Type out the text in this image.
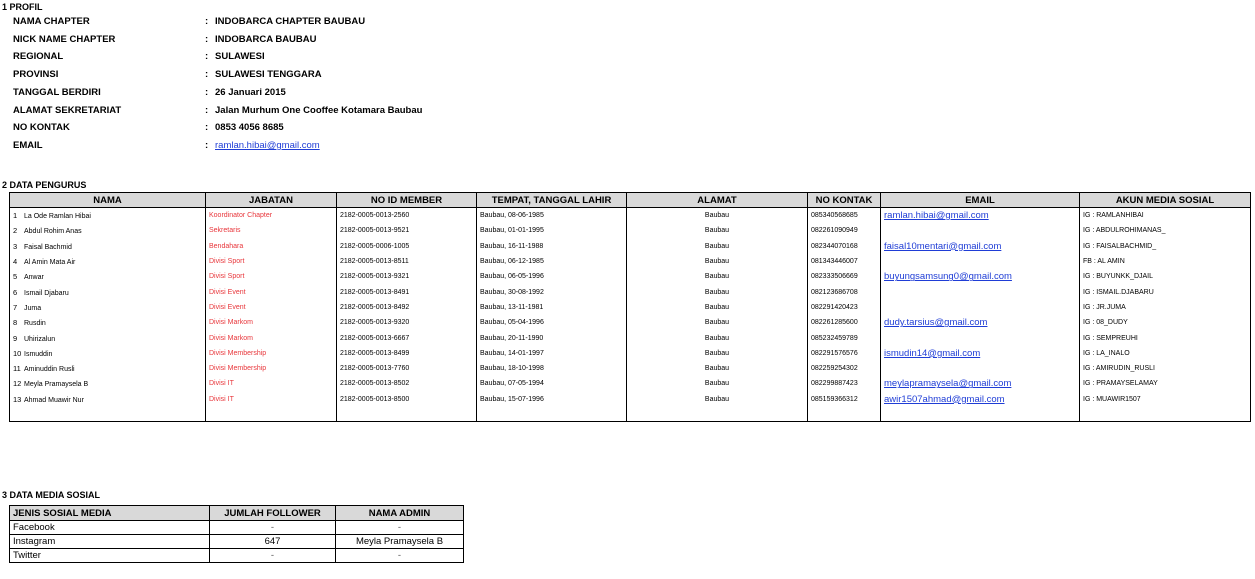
1 PROFIL
NAMA CHAPTER	: INDOBARCA CHAPTER BAUBAU
NICK NAME CHAPTER	: INDOBARCA BAUBAU
REGIONAL	: SULAWESI
PROVINSI	: SULAWESI TENGGARA
TANGGAL BERDIRI	: 26 Januari 2015
ALAMAT SEKRETARIAT	: Jalan Murhum One Cooffee Kotamara Baubau
NO KONTAK	: 0853 4056 8685
EMAIL	: ramlan.hibai@gmail.com
2 DATA PENGURUS
NAMA	JABATAN	NO ID MEMBER	TEMPAT, TANGGAL LAHIR	ALAMAT	NO KONTAK	EMAIL	AKUN MEDIA SOSIAL
1 La Ode Ramlan Hibai	Koordinator Chapter	2182-0005-0013-2560	Baubau, 08-06-1985	Baubau	085340568685	ramlan.hibai@gmail.com	IG : RAMLANHIBAI
2 Abdul Rohim Anas	Sekretaris	2182-0005-0013-9521	Baubau, 01-01-1995	Baubau	082261090949		IG : ABDULROHIMANAS_
3 Faisal Bachmid	Bendahara	2182-0005-0006-1005	Baubau, 16-11-1988	Baubau	082344070168	faisal10mentari@gmail.com	IG : FAISALBACHMID_
4 Al Amin Mata Air	Divisi Sport	2182-0005-0013-8511	Baubau, 06-12-1985	Baubau	081343446007		FB : AL AMIN
5 Anwar	Divisi Sport	2182-0005-0013-9321	Baubau, 06-05-1996	Baubau	082333506669	buyungsamsung0@gmail.com	IG : BUYUNKK_DJAIL
6 Ismail Djabaru	Divisi Event	2182-0005-0013-8491	Baubau, 30-08-1992	Baubau	082123686708		IG : ISMAIL.DJABARU
7 Juma	Divisi Event	2182-0005-0013-8492	Baubau, 13-11-1981	Baubau	082291420423		IG : JR.JUMA
8 Rusdin	Divisi Markom	2182-0005-0013-9320	Baubau, 05-04-1996	Baubau	082261285600	dudy.tarsius@gmail.com	IG : 08_DUDY
9 Uhirizalun	Divisi Markom	2182-0005-0013-6667	Baubau, 20-11-1990	Baubau	085232459789		IG : SEMPREUHI
10 Ismuddin	Divisi Membership	2182-0005-0013-8499	Baubau, 14-01-1997	Baubau	082291576576	ismudin14@gmail.com	IG : LA_INALO
11 Aminuddin Rusli	Divisi Membership	2182-0005-0013-7760	Baubau, 18-10-1998	Baubau	082259254302		IG : AMIRUDIN_RUSLI
12 Meyla Pramaysela B	Divisi IT	2182-0005-0013-8502	Baubau, 07-05-1994	Baubau	082299887423	meylapramaysela@gmail.com	IG : PRAMAYSELAMAY
13 Ahmad Muawir Nur	Divisi IT	2182-0005-0013-8500	Baubau, 15-07-1996	Baubau	085159366312	awir1507ahmad@gmail.com	IG : MUAWIR1507

3 DATA MEDIA SOSIAL
JENIS SOSIAL MEDIA	JUMLAH FOLLOWER	NAMA ADMIN
Facebook	-	-
Instagram	647	Meyla Pramaysela B
Twitter	-	-
